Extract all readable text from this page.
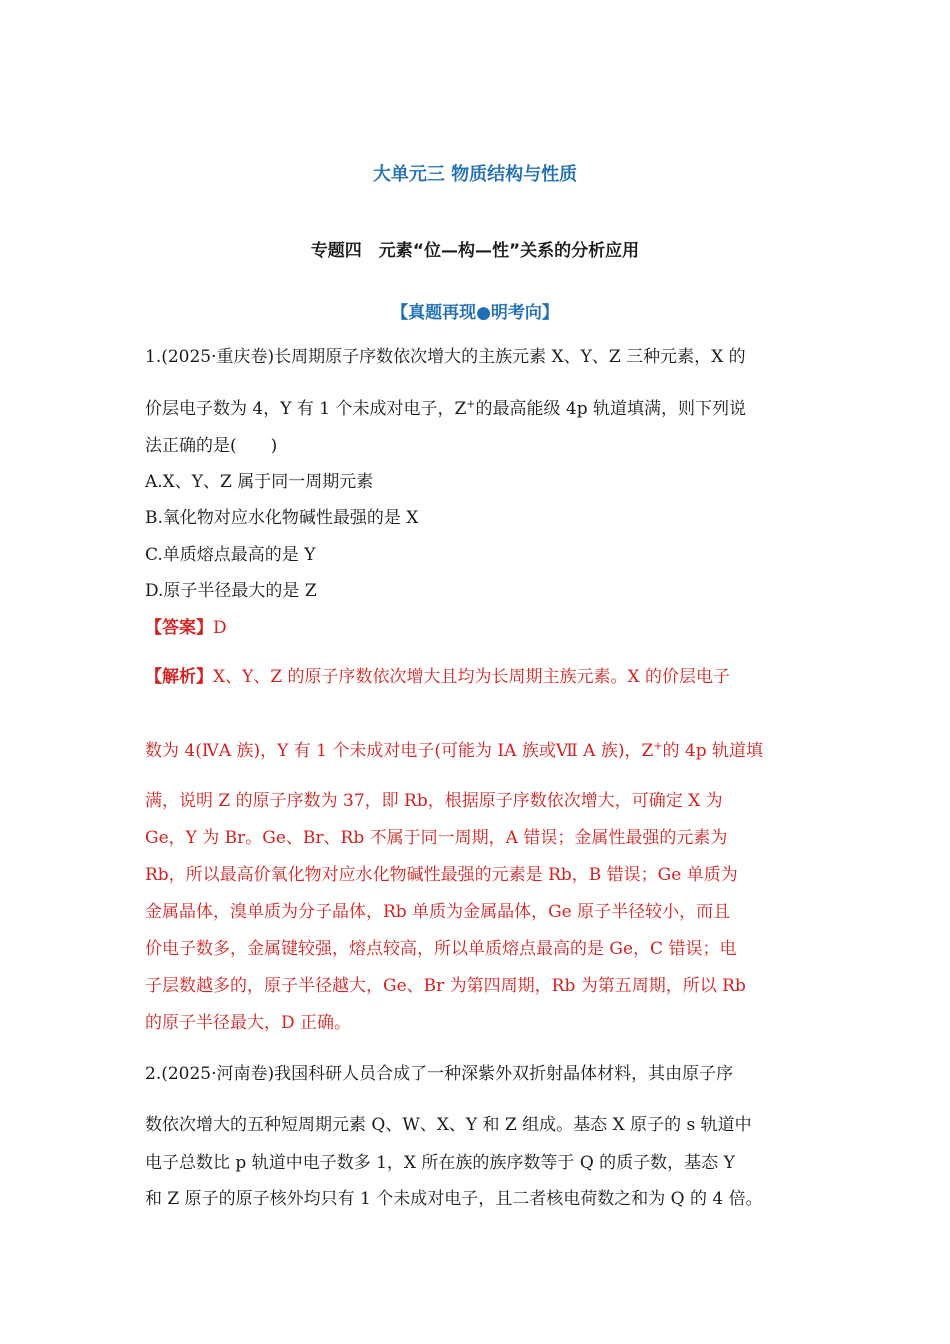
大单元三 物质结构与性质
专题四　元素“位—构—性”关系的分析应用
【真题再现●明考向】
1.(2025·重庆卷)长周期原子序数依次增大的主族元素 X、Y、Z 三种元素，X 的
价层电子数为 4，Y 有 1 个未成对电子，Z+的最高能级 4p 轨道填满，则下列说
法正确的是(　　)
A.X、Y、Z 属于同一周期元素
B.氧化物对应水化物碱性最强的是 X
C.单质熔点最高的是 Y
D.原子半径最大的是 Z
【答案】D
【解析】X、Y、Z 的原子序数依次增大且均为长周期主族元素。X 的价层电子
数为 4(ⅣA 族)，Y 有 1 个未成对电子(可能为 IA 族或Ⅶ A 族)，Z+的 4p 轨道填
满，说明 Z 的原子序数为 37，即 Rb，根据原子序数依次增大，可确定 X 为
Ge，Y 为 Br。Ge、Br、Rb 不属于同一周期，A 错误；金属性最强的元素为
Rb，所以最高价氧化物对应水化物碱性最强的元素是 Rb，B 错误；Ge 单质为
金属晶体，溴单质为分子晶体，Rb 单质为金属晶体，Ge 原子半径较小，而且
价电子数多，金属键较强，熔点较高，所以单质熔点最高的是 Ge，C 错误；电
子层数越多的，原子半径越大，Ge、Br 为第四周期，Rb 为第五周期，所以 Rb
的原子半径最大，D 正确。
2.(2025·河南卷)我国科研人员合成了一种深紫外双折射晶体材料，其由原子序
数依次增大的五种短周期元素 Q、W、X、Y 和 Z 组成。基态 X 原子的 s 轨道中
电子总数比 p 轨道中电子数多 1，X 所在族的族序数等于 Q 的质子数，基态 Y
和 Z 原子的原子核外均只有 1 个未成对电子，且二者核电荷数之和为 Q 的 4 倍。
